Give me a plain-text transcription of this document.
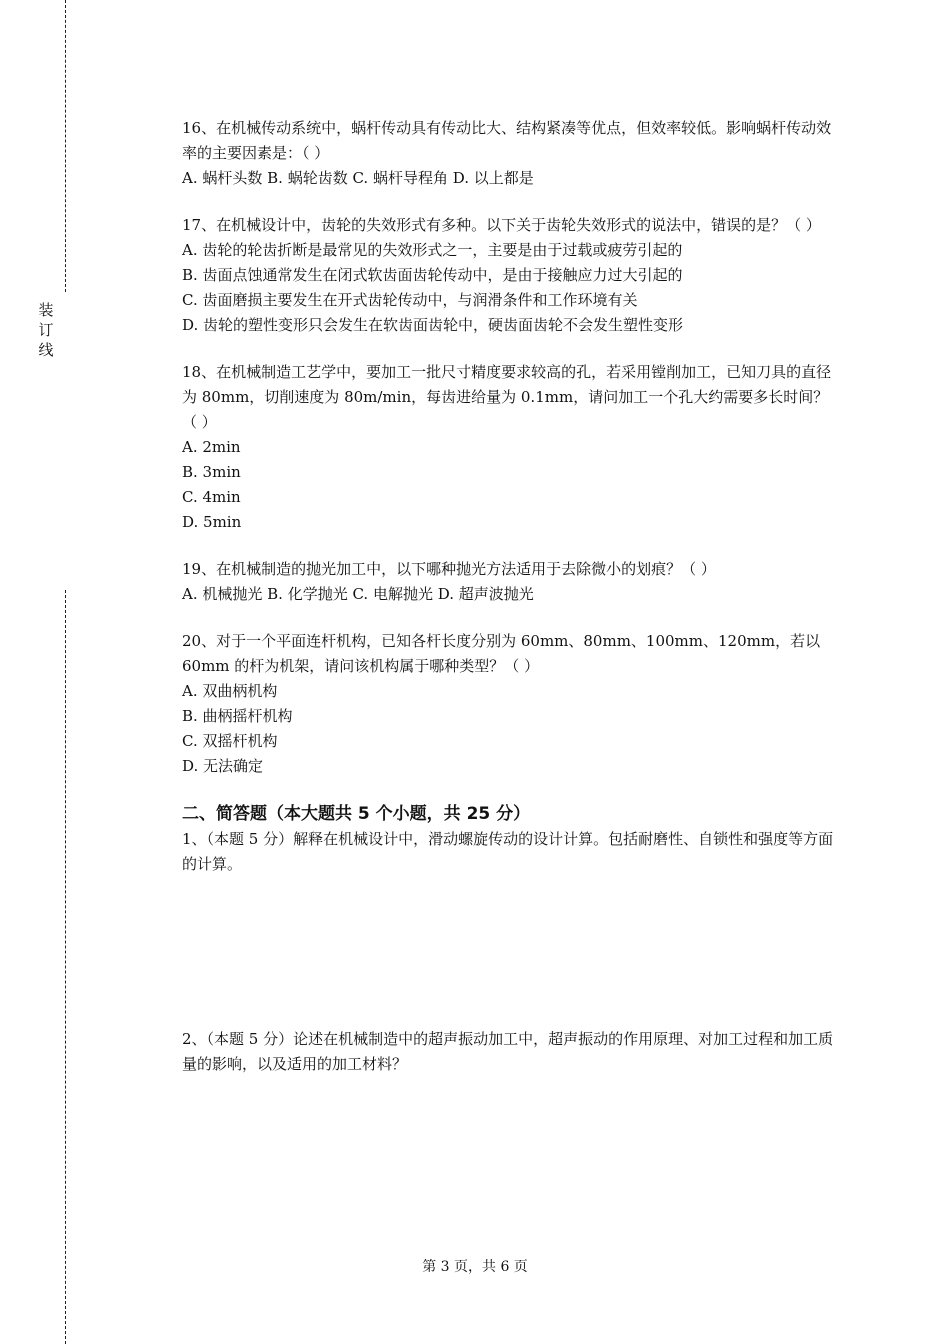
装
订
线

16、在机械传动系统中，蜗杆传动具有传动比大、结构紧凑等优点，但效率较低。影响蜗杆传动效率的主要因素是：（ ）

A. 蜗杆头数 B. 蜗轮齿数 C. 蜗杆导程角 D. 以上都是

17、在机械设计中，齿轮的失效形式有多种。以下关于齿轮失效形式的说法中，错误的是？（ ）

A. 齿轮的轮齿折断是最常见的失效形式之一，主要是由于过载或疲劳引起的

B. 齿面点蚀通常发生在闭式软齿面齿轮传动中，是由于接触应力过大引起的

C. 齿面磨损主要发生在开式齿轮传动中，与润滑条件和工作环境有关

D. 齿轮的塑性变形只会发生在软齿面齿轮中，硬齿面齿轮不会发生塑性变形

18、在机械制造工艺学中，要加工一批尺寸精度要求较高的孔，若采用镗削加工，已知刀具的直径为 80mm，切削速度为 80m/min，每齿进给量为 0.1mm，请问加工一个孔大约需要多长时间？（ ）

A. 2min

B. 3min

C. 4min

D. 5min

19、在机械制造的抛光加工中，以下哪种抛光方法适用于去除微小的划痕？（ ）

A. 机械抛光 B. 化学抛光 C. 电解抛光 D. 超声波抛光

20、对于一个平面连杆机构，已知各杆长度分别为 60mm、80mm、100mm、120mm，若以 60mm 的杆为机架，请问该机构属于哪种类型？（ ）

A. 双曲柄机构

B. 曲柄摇杆机构

C. 双摇杆机构

D. 无法确定

二、简答题（本大题共 5 个小题，共 25 分）

1、（本题 5 分）解释在机械设计中，滑动螺旋传动的设计计算。包括耐磨性、自锁性和强度等方面的计算。

2、（本题 5 分）论述在机械制造中的超声振动加工中，超声振动的作用原理、对加工过程和加工质量的影响，以及适用的加工材料？

第 3 页，共 6 页
